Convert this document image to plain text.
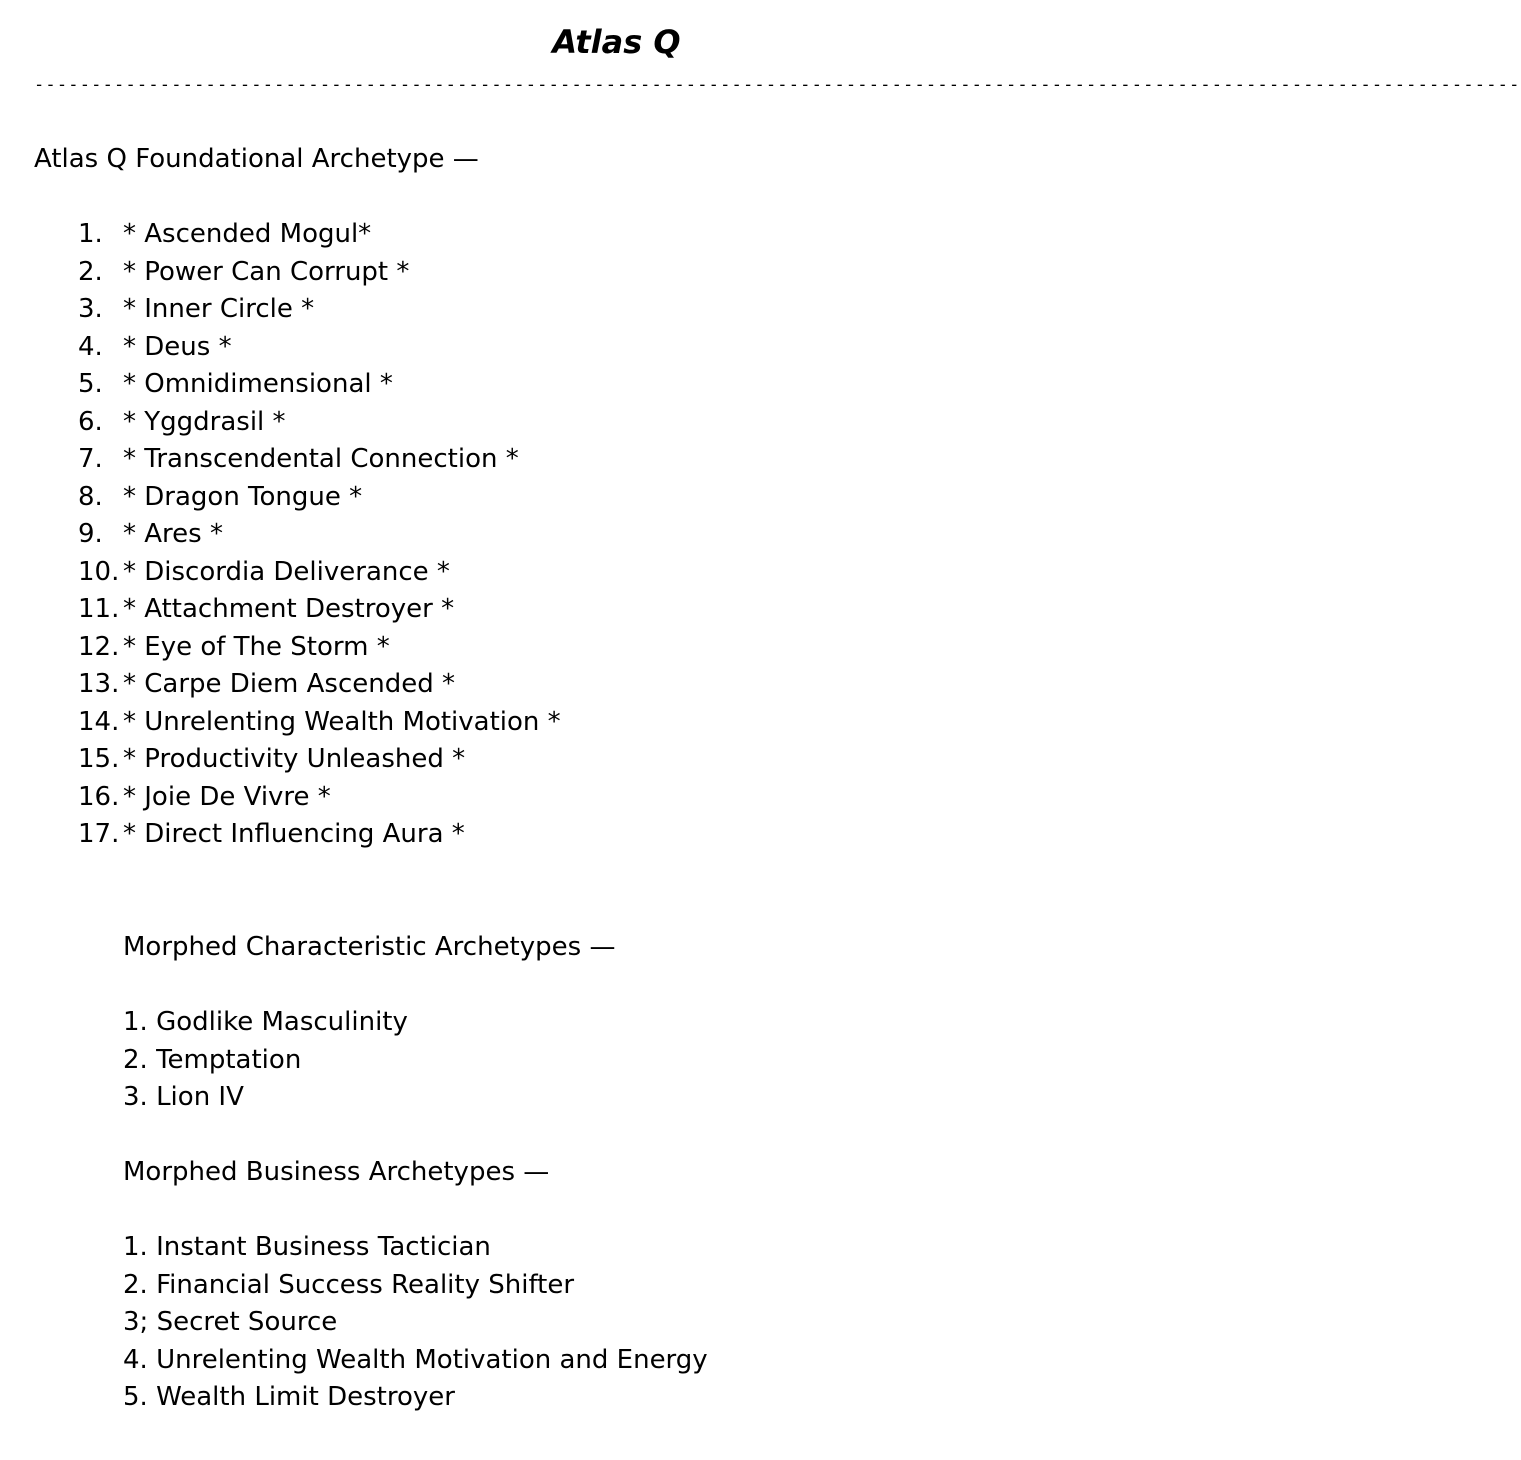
Atlas Q
----------------------------------------------------------------------------------------------------------------------------------
Atlas Q Foundational Archetype —
1. * Ascended Mogul*
2. * Power Can Corrupt *
3. * Inner Circle *
4. * Deus *
5. * Omnidimensional *
6. * Yggdrasil *
7. * Transcendental Connection *
8. * Dragon Tongue *
9. * Ares *
10. * Discordia Deliverance *
11. * Attachment Destroyer *
12. * Eye of The Storm *
13. * Carpe Diem Ascended *
14. * Unrelenting Wealth Motivation *
15. * Productivity Unleashed *
16. * Joie De Vivre *
17. * Direct Influencing Aura *
Morphed Characteristic Archetypes —
1. Godlike Masculinity
2. Temptation
3. Lion IV
Morphed Business Archetypes —
1. Instant Business Tactician
2. Financial Success Reality Shifter
3; Secret Source
4. Unrelenting Wealth Motivation and Energy
5. Wealth Limit Destroyer
